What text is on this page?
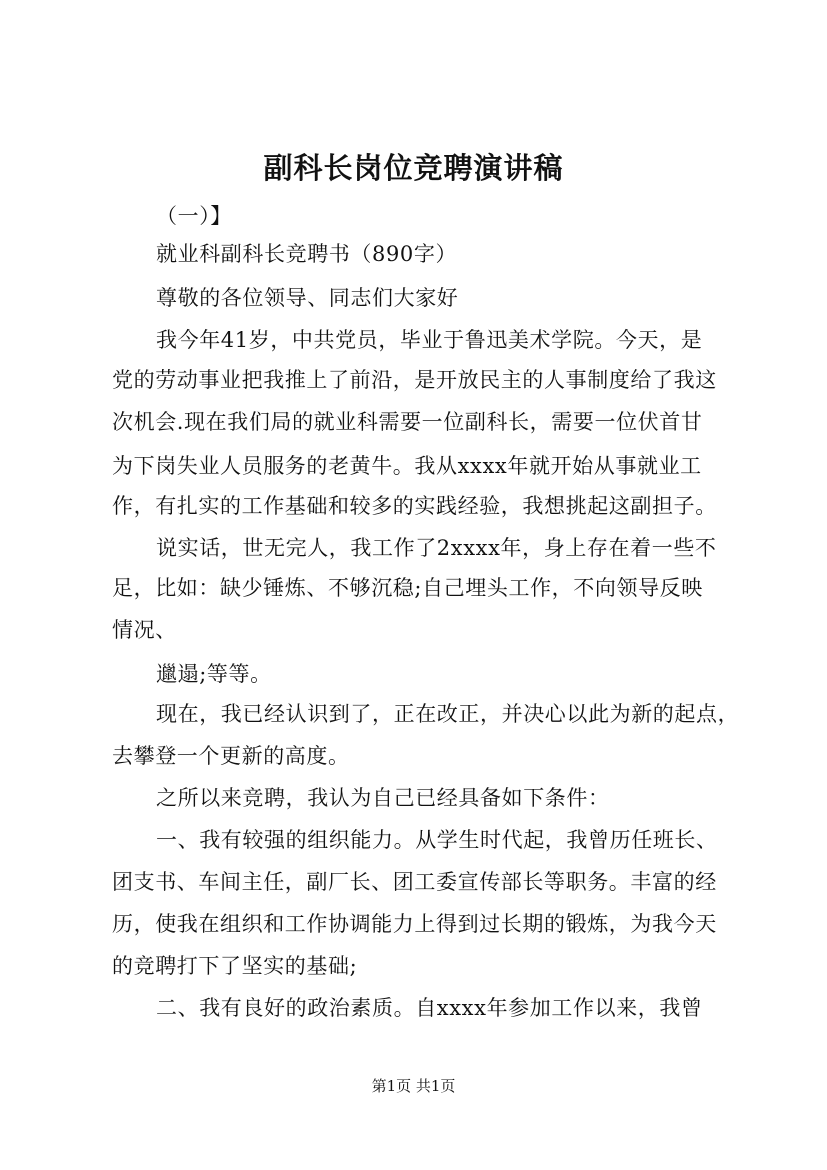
副科长岗位竞聘演讲稿
（一）】
就业科副科长竞聘书（890字）
尊敬的各位领导、同志们大家好
我今年41岁，中共党员，毕业于鲁迅美术学院。今天，是
党的劳动事业把我推上了前沿，是开放民主的人事制度给了我这
次机会.现在我们局的就业科需要一位副科长，需要一位伏首甘
为下岗失业人员服务的老黄牛。我从xxxx年就开始从事就业工
作，有扎实的工作基础和较多的实践经验，我想挑起这副担子。
说实话，世无完人，我工作了2xxxx年，身上存在着一些不
足，比如：缺少锤炼、不够沉稳;自己埋头工作，不向领导反映
情况、
邋遢;等等。
现在，我已经认识到了，正在改正，并决心以此为新的起点，
去攀登一个更新的高度。
之所以来竞聘，我认为自己已经具备如下条件：
一、我有较强的组织能力。从学生时代起，我曾历任班长、
团支书、车间主任，副厂长、团工委宣传部长等职务。丰富的经
历，使我在组织和工作协调能力上得到过长期的锻炼，为我今天
的竞聘打下了坚实的基础;
二、我有良好的政治素质。自xxxx年参加工作以来，我曾
第1页 共1页
